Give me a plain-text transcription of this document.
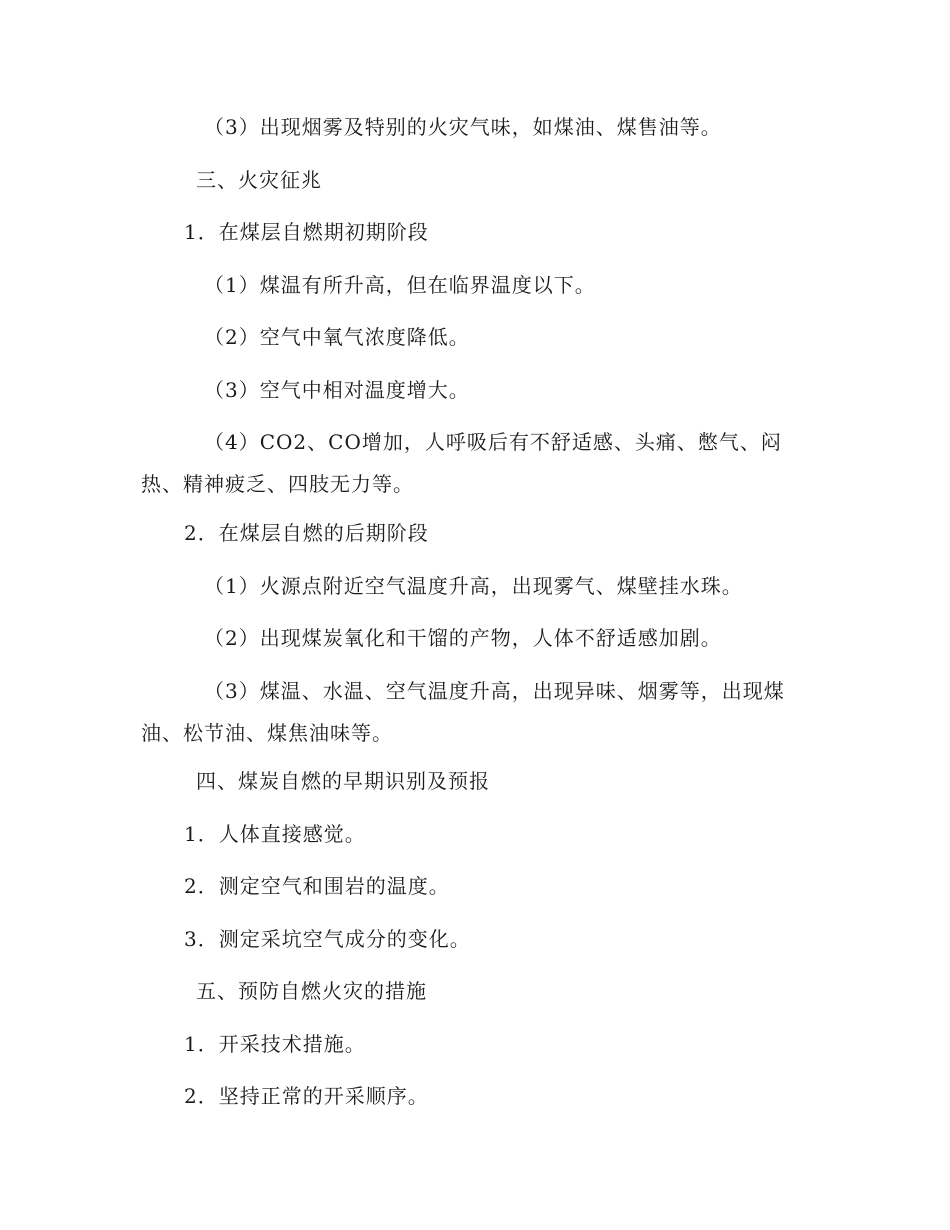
（3）出现烟雾及特别的火灾气味，如煤油、煤售油等。
三、火灾征兆
1．在煤层自燃期初期阶段
（1）煤温有所升高，但在临界温度以下。
（2）空气中氧气浓度降低。
（3）空气中相对温度增大。
（4）CO2、CO增加，人呼吸后有不舒适感、头痛、憋气、闷热、精神疲乏、四肢无力等。
2．在煤层自燃的后期阶段
（1）火源点附近空气温度升高，出现雾气、煤壁挂水珠。
（2）出现煤炭氧化和干馏的产物，人体不舒适感加剧。
（3）煤温、水温、空气温度升高，出现异味、烟雾等，出现煤油、松节油、煤焦油味等。
四、煤炭自燃的早期识别及预报
1．人体直接感觉。
2．测定空气和围岩的温度。
3．测定采坑空气成分的变化。
五、预防自燃火灾的措施
1．开采技术措施。
2．坚持正常的开采顺序。
